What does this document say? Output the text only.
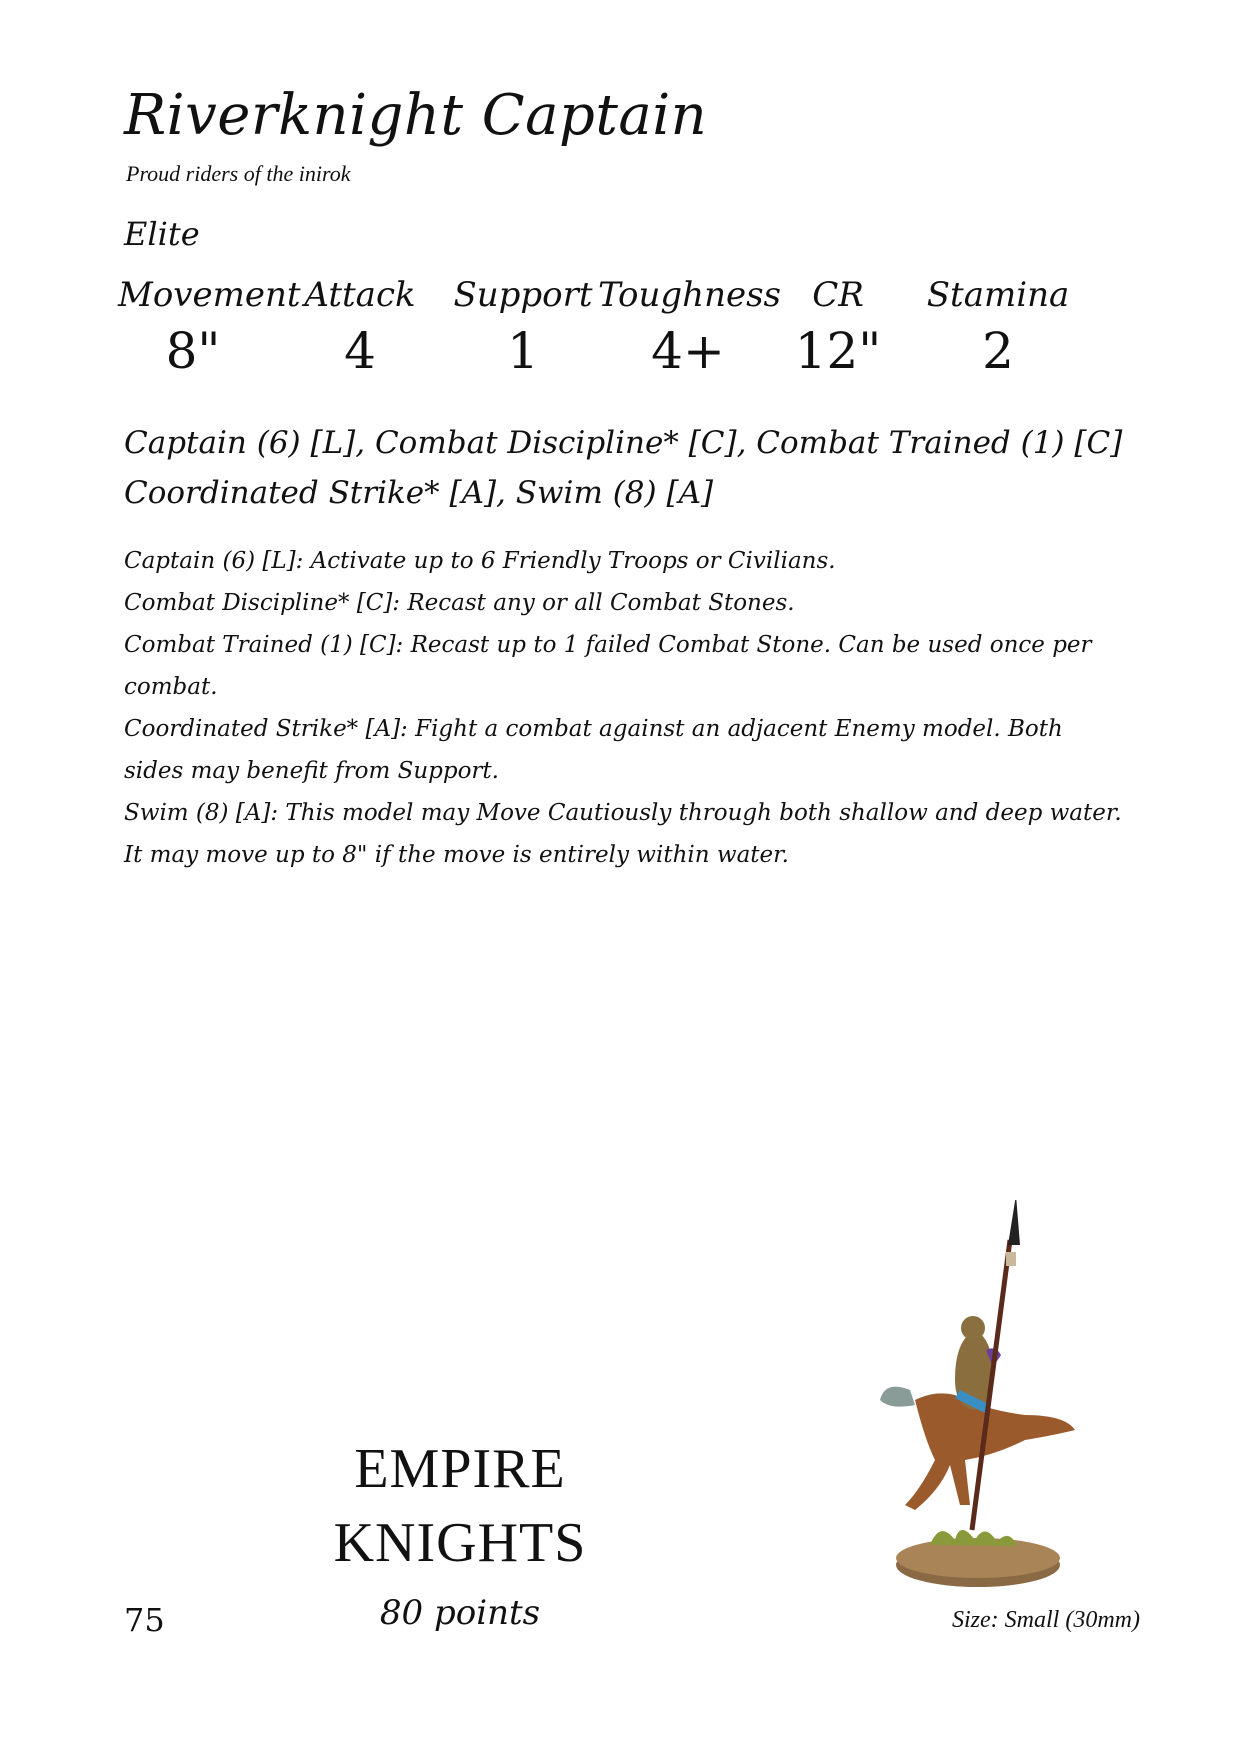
Riverknight Captain
Proud riders of the inirok
Elite
Movement
8"
Attack
4
Support
1
Toughness
4+
CR
12"
Stamina
2
Captain (6) [L], Combat Discipline* [C], Combat Trained (1) [C]
Coordinated Strike* [A], Swim (8) [A]

Captain (6) [L]: Activate up to 6 Friendly Troops or Civilians.

Combat Discipline* [C]: Recast any or all Combat Stones.

Combat Trained (1) [C]: Recast up to 1 failed Combat Stone. Can be used once per combat.

Coordinated Strike* [A]: Fight a combat against an adjacent Enemy model. Both sides may benefit from Support.

Swim (8) [A]: This model may Move Cautiously through both shallow and deep water. It may move up to 8" if the move is entirely within water.

EMPIRE
KNIGHTS
80 points
75	Size: Small (30mm)
